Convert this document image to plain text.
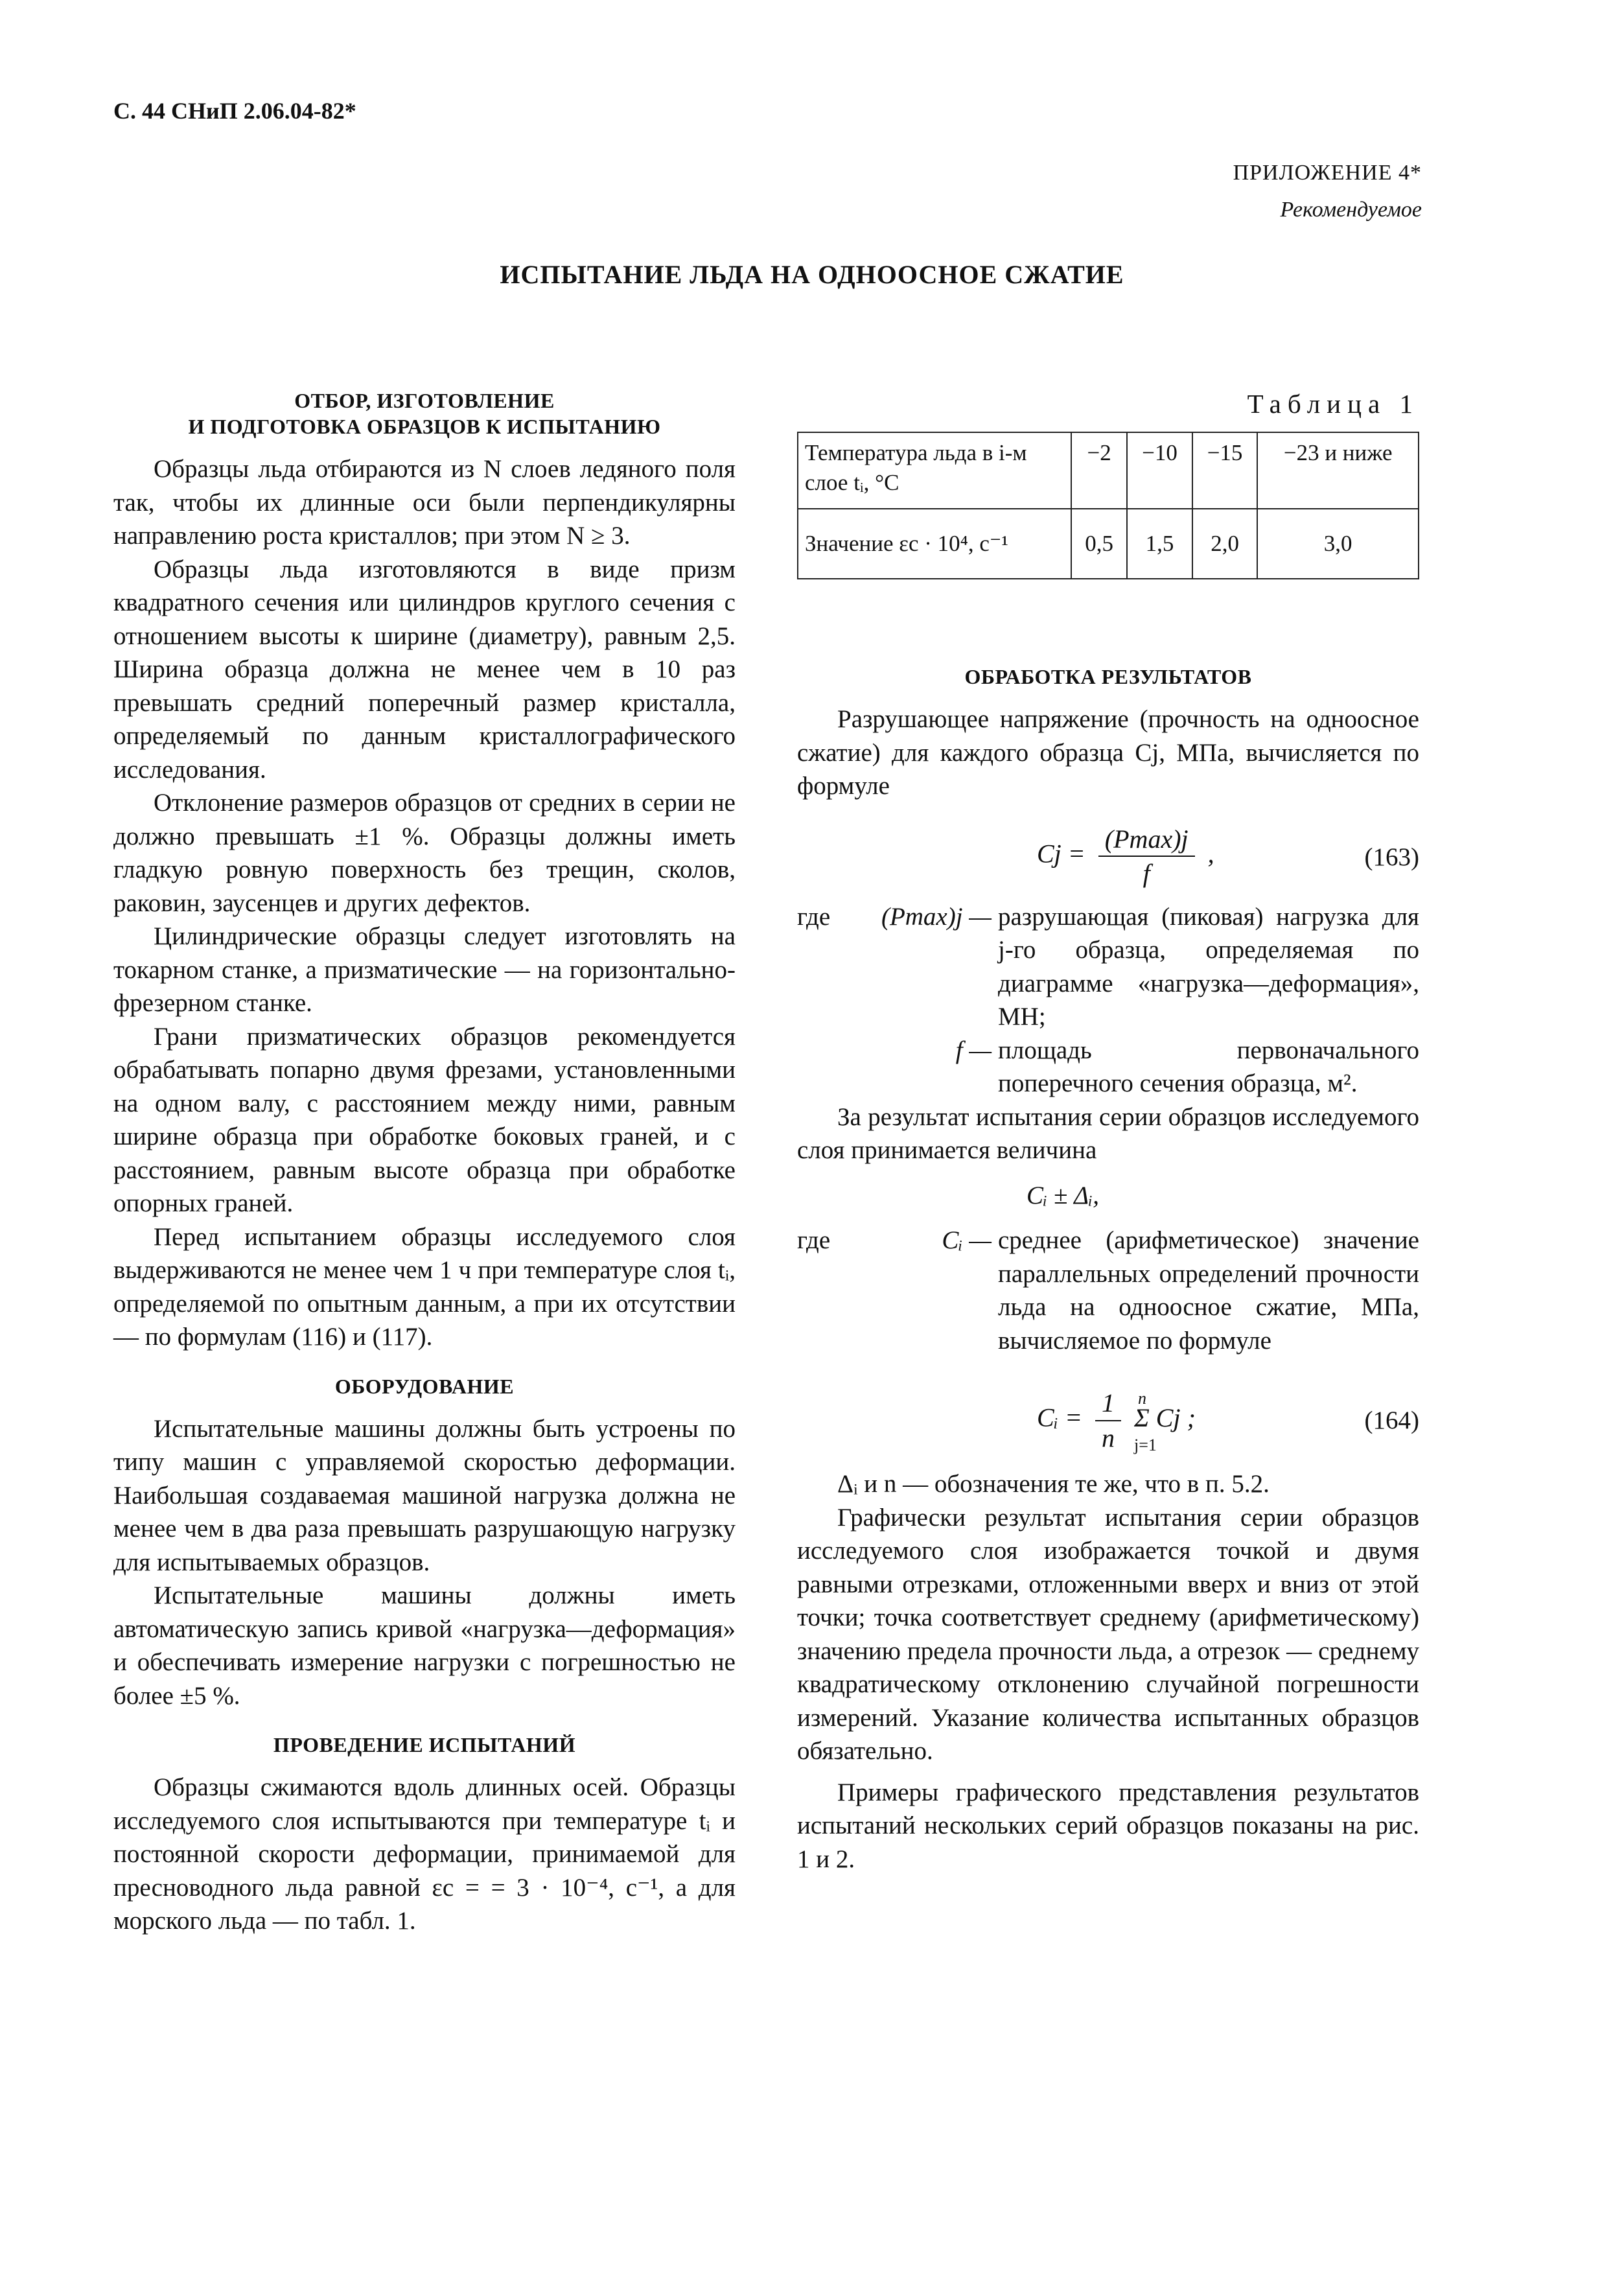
С. 44 СНиП 2.06.04-82*
ПРИЛОЖЕНИЕ 4*
Рекомендуемое
ИСПЫТАНИЕ ЛЬДА НА ОДНООСНОЕ СЖАТИЕ
ОТБОР, ИЗГОТОВЛЕНИЕ
И ПОДГОТОВКА ОБРАЗЦОВ К ИСПЫТАНИЮ

Образцы льда отбираются из N слоев ледяного поля так, чтобы их длинные оси были перпендикулярны направлению роста кристаллов; при этом N ≥ 3.

Образцы льда изготовляются в виде призм квадратного сечения или цилиндров круглого сечения с отношением высоты к ширине (диаметру), равным 2,5. Ширина образца должна не менее чем в 10 раз превышать средний поперечный размер кристалла, определяемый по данным кристаллографического исследования.

Отклонение размеров образцов от средних в серии не должно превышать ±1 %. Образцы должны иметь гладкую ровную поверхность без трещин, сколов, раковин, заусенцев и других дефектов.

Цилиндрические образцы следует изготовлять на токарном станке, а призматические — на горизонтально-фрезерном станке.

Грани призматических образцов рекомендуется обрабатывать попарно двумя фрезами, установленными на одном валу, с расстоянием между ними, равным ширине образца при обработке боковых граней, и с расстоянием, равным высоте образца при обработке опорных граней.

Перед испытанием образцы исследуемого слоя выдерживаются не менее чем 1 ч при температуре слоя tᵢ, определяемой по опытным данным, а при их отсутствии — по формулам (116) и (117).

ОБОРУДОВАНИЕ

Испытательные машины должны быть устроены по типу машин с управляемой скоростью деформации. Наибольшая создаваемая машиной нагрузка должна не менее чем в два раза превышать разрушающую нагрузку для испытываемых образцов.

Испытательные машины должны иметь автоматическую запись кривой «нагрузка—деформация» и обеспечивать измерение нагрузки с погрешностью не более ±5 %.

ПРОВЕДЕНИЕ ИСПЫТАНИЙ

Образцы сжимаются вдоль длинных осей. Образцы исследуемого слоя испытываются при температуре tᵢ и постоянной скорости деформации, принимаемой для пресноводного льда равной εc = = 3 · 10⁻⁴, c⁻¹, а для морского льда — по табл. 1.

Таблица 1
Температура льда в i-м слое tᵢ, °С	−2	−10	−15	−23 и ниже
Значение εc · 10⁴, c⁻¹	0,5	1,5	2,0	3,0
ОБРАБОТКА РЕЗУЛЬТАТОВ

Разрушающее напряжение (прочность на одноосное сжатие) для каждого образца Cj, МПа, вычисляется по формуле

$Cj = \frac{(Pmax)j}{f}$ ,	(163)
где	(Pmax)j — разрушающая (пиковая) нагрузка для j-го образца, определяемая по диаграмме «нагрузка—деформация», МН;
f — площадь первоначального поперечного сечения образца, м².

За результат испытания серии образцов исследуемого слоя принимается величина

Cᵢ ± Δᵢ,
где	Cᵢ — среднее (арифметическое) значение параллельных определений прочности льда на одноосное сжатие, МПа, вычисляемое по формуле
Cᵢ = $\frac{1}{n}$
n
Σ Cj ;
j=1
(164)

Δᵢ и n — обозначения те же, что в п. 5.2.

Графически результат испытания серии образцов исследуемого слоя изображается точкой и двумя равными отрезками, отложенными вверх и вниз от этой точки; точка соответствует среднему (арифметическому) значению предела прочности льда, а отрезок — среднему квадратическому отклонению случайной погрешности измерений. Указание количества испытанных образцов обязательно.

Примеры графического представления результатов испытаний нескольких серий образцов показаны на рис. 1 и 2.
